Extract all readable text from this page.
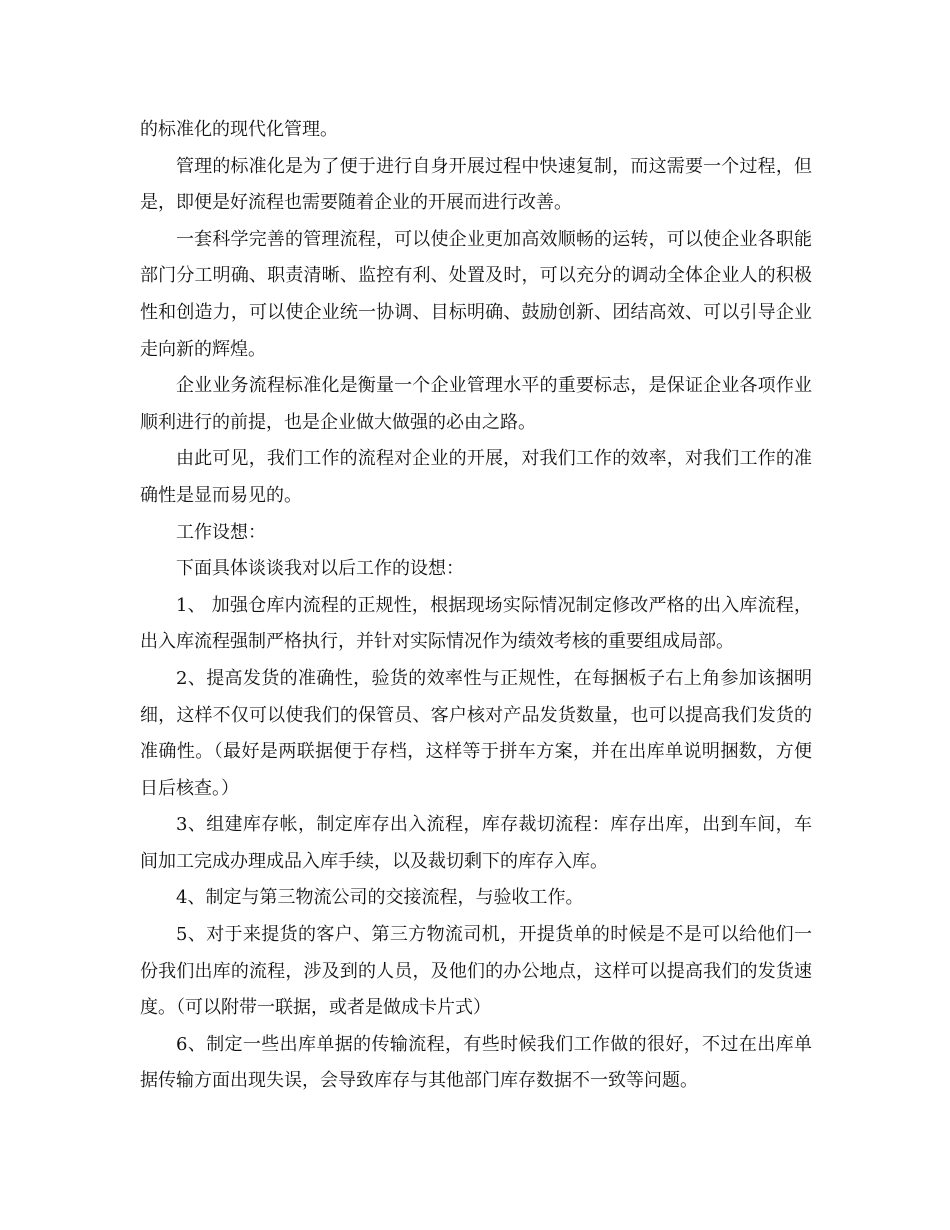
的标准化的现代化管理。

管理的标准化是为了便于进行自身开展过程中快速复制，而这需要一个过程，但是，即便是好流程也需要随着企业的开展而进行改善。

一套科学完善的管理流程，可以使企业更加高效顺畅的运转，可以使企业各职能部门分工明确、职责清晰、监控有利、处置及时，可以充分的调动全体企业人的积极性和创造力，可以使企业统一协调、目标明确、鼓励创新、团结高效、可以引导企业走向新的辉煌。

企业业务流程标准化是衡量一个企业管理水平的重要标志，是保证企业各项作业顺利进行的前提，也是企业做大做强的必由之路。

由此可见，我们工作的流程对企业的开展，对我们工作的效率，对我们工作的准确性是显而易见的。

工作设想：

下面具体谈谈我对以后工作的设想：

1、 加强仓库内流程的正规性，根据现场实际情况制定修改严格的出入库流程，出入库流程强制严格执行，并针对实际情况作为绩效考核的重要组成局部。

2、提高发货的准确性，验货的效率性与正规性，在每捆板子右上角参加该捆明细，这样不仅可以使我们的保管员、客户核对产品发货数量，也可以提高我们发货的准确性。（最好是两联据便于存档，这样等于拼车方案，并在出库单说明捆数，方便日后核查。）

3、组建库存帐，制定库存出入流程，库存裁切流程：库存出库，出到车间，车间加工完成办理成品入库手续，以及裁切剩下的库存入库。

4、制定与第三物流公司的交接流程，与验收工作。

5、对于来提货的客户、第三方物流司机，开提货单的时候是不是可以给他们一份我们出库的流程，涉及到的人员，及他们的办公地点，这样可以提高我们的发货速度。（可以附带一联据，或者是做成卡片式）

6、制定一些出库单据的传输流程，有些时候我们工作做的很好，不过在出库单据传输方面出现失误，会导致库存与其他部门库存数据不一致等问题。
